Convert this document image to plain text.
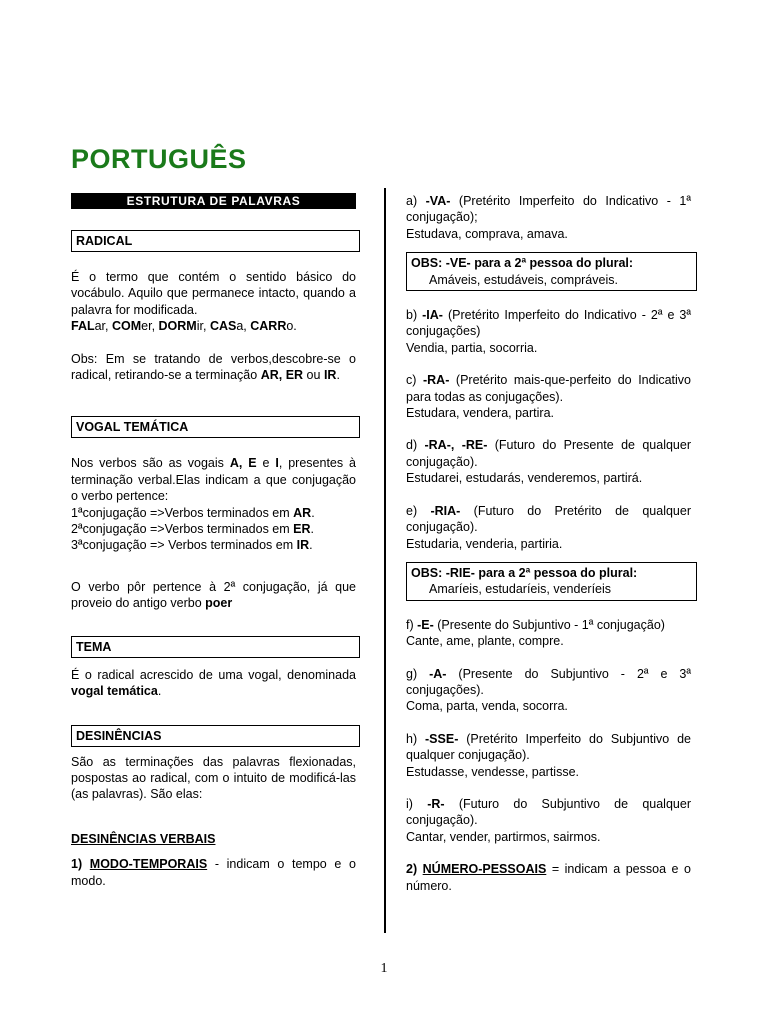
PORTUGUÊS
ESTRUTURA DE PALAVRAS
RADICAL

É o termo que contém o sentido básico do vocábulo. Aquilo que permanece intacto, quando a palavra for modificada.

FALar, COMer, DORMir, CASa, CARRo.

Obs: Em se tratando de verbos,descobre-se o radical, retirando-se a terminação AR, ER ou IR.

VOGAL TEMÁTICA

Nos verbos são as vogais A, E e I, presentes à terminação verbal.Elas indicam a que conjugação o verbo pertence:

1ªconjugação =>Verbos terminados em AR.
2ªconjugação =>Verbos terminados em ER.
3ªconjugação => Verbos terminados em IR.

O verbo pôr pertence à 2ª conjugação, já que proveio do antigo verbo poer

TEMA

É o radical acrescido de uma vogal, denominada vogal temática.

DESINÊNCIAS

São as terminações das palavras flexionadas, pospostas ao radical, com o intuito de modificá-las (as palavras). São elas:

DESINÊNCIAS VERBAIS

1) MODO-TEMPORAIS - indicam o tempo e o modo.

a) -VA- (Pretérito Imperfeito do Indicativo - 1ª conjugação);

Estudava, comprava, amava.

OBS: -VE- para a 2ª pessoa do plural:
Amáveis, estudáveis, compráveis.

b) -IA- (Pretérito Imperfeito do Indicativo - 2ª e 3ª conjugações)

Vendia, partia, socorria.

c) -RA- (Pretérito mais-que-perfeito do Indicativo para todas as conjugações).

Estudara, vendera, partira.

d) -RA-, -RE- (Futuro do Presente de qualquer conjugação).

Estudarei, estudarás, venderemos, partirá.

e) -RIA- (Futuro do Pretérito de qualquer conjugação).

Estudaria, venderia, partiria.

OBS: -RIE- para a 2ª pessoa do plural:
Amaríeis, estudaríeis, venderíeis

f) -E- (Presente do Subjuntivo - 1ª conjugação)

Cante, ame, plante, compre.

g) -A- (Presente do Subjuntivo - 2ª e 3ª conjugações).

Coma, parta, venda, socorra.

h) -SSE- (Pretérito Imperfeito do Subjuntivo de qualquer conjugação).

Estudasse, vendesse, partisse.

i) -R- (Futuro do Subjuntivo de qualquer conjugação).

Cantar, vender, partirmos, sairmos.

2) NÚMERO-PESSOAIS = indicam a pessoa e o número.

1
